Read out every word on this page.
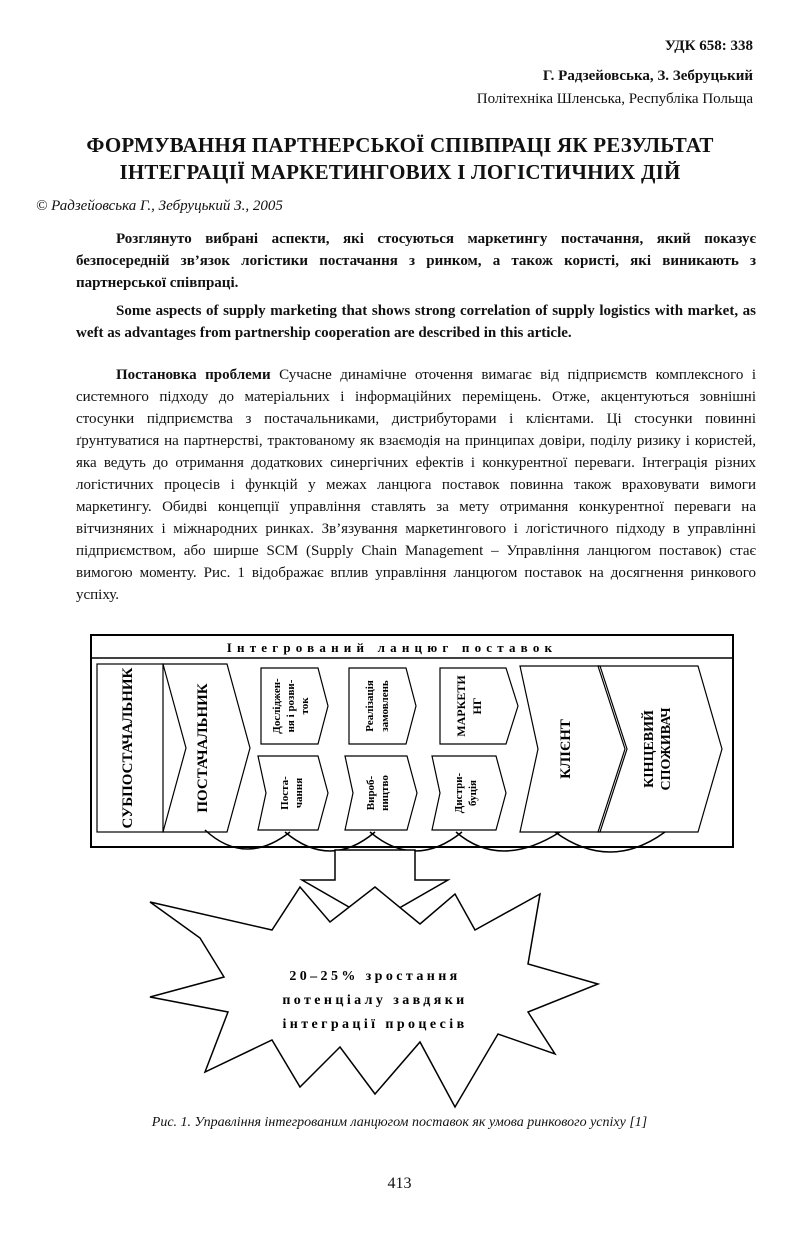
УДК 658: 338
Г. Радзейовська, З. Зебруцький
Політехніка Шленська, Республіка Польща
ФОРМУВАННЯ ПАРТНЕРСЬКОЇ СПІВПРАЦІ ЯК РЕЗУЛЬТАТ
ІНТЕГРАЦІЇ МАРКЕТИНГОВИХ І ЛОГІСТИЧНИХ ДІЙ
© Радзейовська Г., Зебруцький З., 2005
Розглянуто вибрані аспекти, які стосуються маркетингу постачання, який показує безпосередній зв’язок логістики постачання з ринком, а також користі, які виникають з партнерської співпраці.
Some aspects of supply marketing that shows strong correlation of supply logistics with market, as weft as advantages from partnership cooperation are described in this article.
Постановка проблеми Сучасне динамічне оточення вимагає від підприємств комплексного і системного підходу до матеріальних і інформаційних переміщень. Отже, акцентуються зовнішні стосунки підприємства з постачальниками, дистрибуторами і клієнтами. Ці стосунки повинні ґрунтуватися на партнерстві, трактованому як взаємодія на принципах довіри, поділу ризику і користей, яка ведуть до отримання додаткових синергічних ефектів і конкурентної переваги. Інтеграція різних логістичних процесів і функцій у межах ланцюга поставок повинна також враховувати вимоги маркетингу. Обидві концепції управління ставлять за мету отримання конкурентної переваги на вітчизняних і міжнародних ринках. Зв’язування маркетингового і логістичного підходу в управлінні підприємством, або ширше SCM (Supply Chain Management – Управління ланцюгом поставок) стає вимогою моменту. Рис. 1 відображає вплив управління ланцюгом поставок на досягнення ринкового успіху.
Інтегрований ланцюг поставок
СУБПОСТАЧАЛЬНИК	ПОСТАЧАЛЬНИК	Досліджен- ня і розви- ток	Реалізація замовлень	МАРКЕТИ НГ
Поста- чання	Вироб- ництво	Дистри- буція
КЛІЄНТ	КІНЦЕВИЙ СПОЖИВАЧ
20–25% зростання
потенціалу завдяки
інтеграції процесів
Рис. 1. Управління інтегрованим ланцюгом поставок як умова ринкового успіху [1]
413
